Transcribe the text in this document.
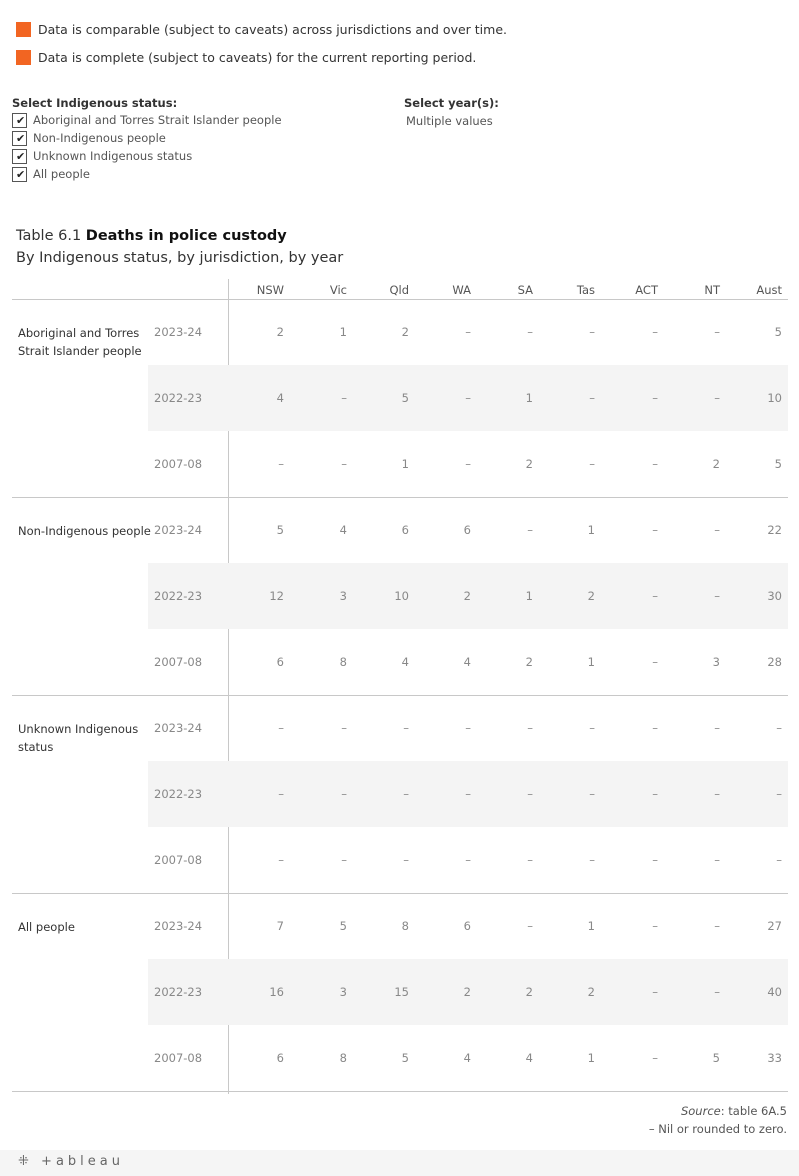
Data is comparable (subject to caveats) across jurisdictions and over time.
Data is complete (subject to caveats) for the current reporting period.
Select Indigenous status:
✔ Aboriginal and Torres Strait Islander people
✔ Non-Indigenous people
✔ Unknown Indigenous status
✔ All people
Select year(s):
Multiple values
Table 6.1 Deaths in police custody
By Indigenous status, by jurisdiction, by year
NSW	Vic	Qld	WA	SA	Tas	ACT	NT	Aust
Aboriginal and Torres Strait Islander people
2023-24	2	1	2	–	–	–	–	–	5
2022-23	4	–	5	–	1	–	–	–	10
2007-08	–	–	1	–	2	–	–	2	5
Non-Indigenous people 2023-24	5	4	6	6	–	1	–	–	22
2022-23	12	3	10	2	1	2	–	–	30
2007-08	6	8	4	4	2	1	–	3	28
Unknown Indigenous status
2023-24	–	–	–	–	–	–	–	–	–
2022-23	–	–	–	–	–	–	–	–	–
2007-08	–	–	–	–	–	–	–	–	–
All people	2023-24	7	5	8	6	–	1	–	–	27
2022-23	16	3	15	2	2	2	–	–	40
2007-08	6	8	5	4	4	1	–	5	33
Source: table 6A.5
– Nil or rounded to zero.
⁜ +ableau
